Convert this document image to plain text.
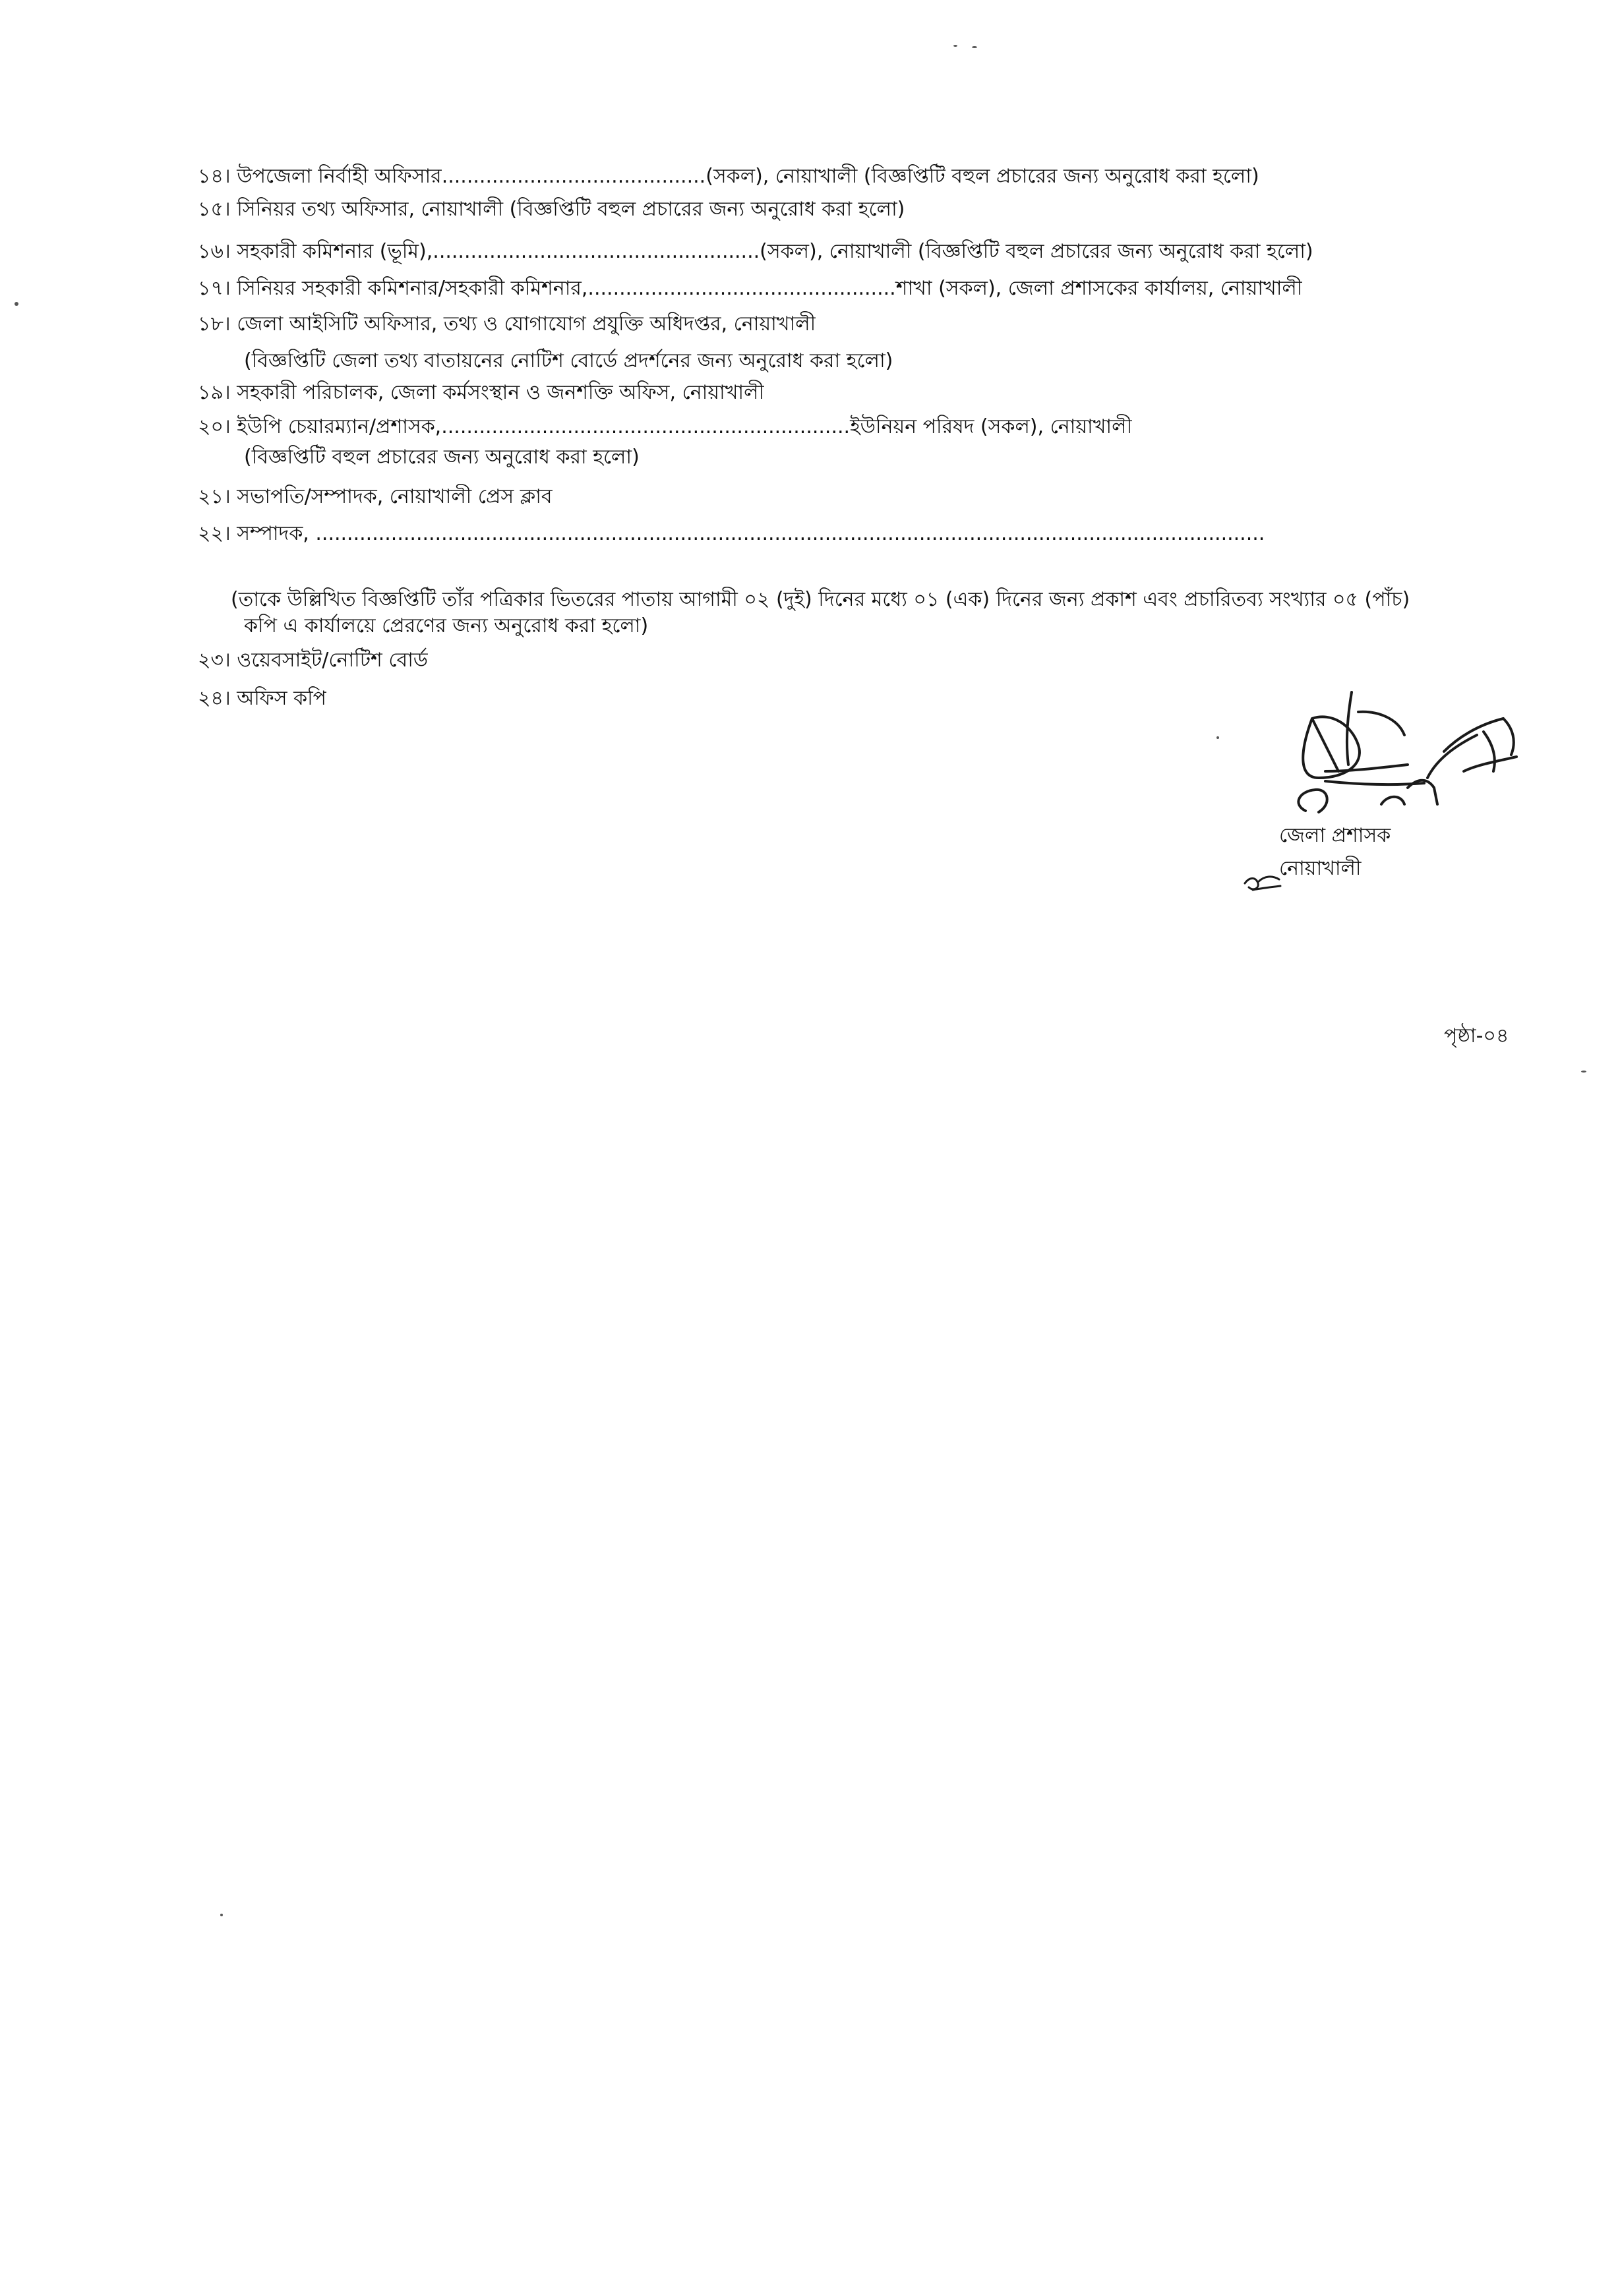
১৪। উপজেলা নির্বাহী অফিসার..........................................(সকল), নোয়াখালী (বিজ্ঞপ্তিটি বহুল প্রচারের জন্য অনুরোধ করা হলো)
১৫। সিনিয়র তথ্য অফিসার, নোয়াখালী (বিজ্ঞপ্তিটি বহুল প্রচারের জন্য অনুরোধ করা হলো)
১৬। সহকারী কমিশনার (ভূমি),....................................................(সকল), নোয়াখালী (বিজ্ঞপ্তিটি বহুল প্রচারের জন্য অনুরোধ করা হলো)
১৭। সিনিয়র সহকারী কমিশনার/সহকারী কমিশনার,.................................................শাখা (সকল), জেলা প্রশাসকের কার্যালয়, নোয়াখালী
১৮। জেলা আইসিটি অফিসার, তথ্য ও যোগাযোগ প্রযুক্তি অধিদপ্তর, নোয়াখালী
(বিজ্ঞপ্তিটি জেলা তথ্য বাতায়নের নোটিশ বোর্ডে প্রদর্শনের জন্য অনুরোধ করা হলো)
১৯। সহকারী পরিচালক, জেলা কর্মসংস্থান ও জনশক্তি অফিস, নোয়াখালী
২০। ইউপি চেয়ারম্যান/প্রশাসক,.................................................................ইউনিয়ন পরিষদ (সকল), নোয়াখালী
(বিজ্ঞপ্তিটি বহুল প্রচারের জন্য অনুরোধ করা হলো)
২১। সভাপতি/সম্পাদক, নোয়াখালী প্রেস ক্লাব
২২। সম্পাদক, .......................................................................................................................................................
(তাকে উল্লিখিত বিজ্ঞপ্তিটি তাঁর পত্রিকার ভিতরের পাতায় আগামী ০২ (দুই) দিনের মধ্যে ০১ (এক) দিনের জন্য প্রকাশ এবং প্রচারিতব্য সংখ্যার ০৫ (পাঁচ)
কপি এ কার্যালয়ে প্রেরণের জন্য অনুরোধ করা হলো)
২৩। ওয়েবসাইট/নোটিশ বোর্ড
২৪। অফিস কপি
জেলা প্রশাসক
নোয়াখালী
পৃষ্ঠা-০৪
